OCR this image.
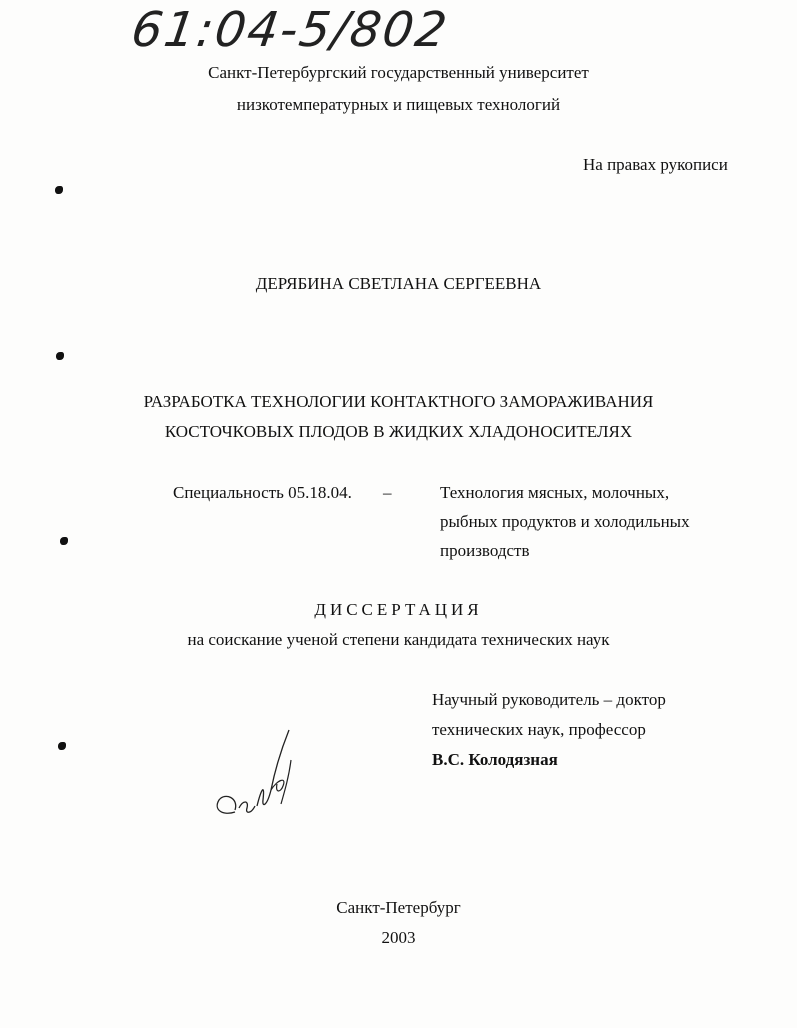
61:04-5/802
Санкт-Петербургский государственный университет
низкотемпературных и пищевых технологий
На правах рукописи
ДЕРЯБИНА СВЕТЛАНА СЕРГЕЕВНА
РАЗРАБОТКА ТЕХНОЛОГИИ КОНТАКТНОГО ЗАМОРАЖИВАНИЯ
КОСТОЧКОВЫХ ПЛОДОВ В ЖИДКИХ ХЛАДОНОСИТЕЛЯХ
Специальность 05.18.04. –	Технология мясных, молочных,
рыбных продуктов и холодильных
производств
ДИССЕРТАЦИЯ
на соискание ученой степени кандидата технических наук
Научный руководитель – доктор
технических наук, профессор
В.С. Колодязная
Санкт-Петербург
2003
